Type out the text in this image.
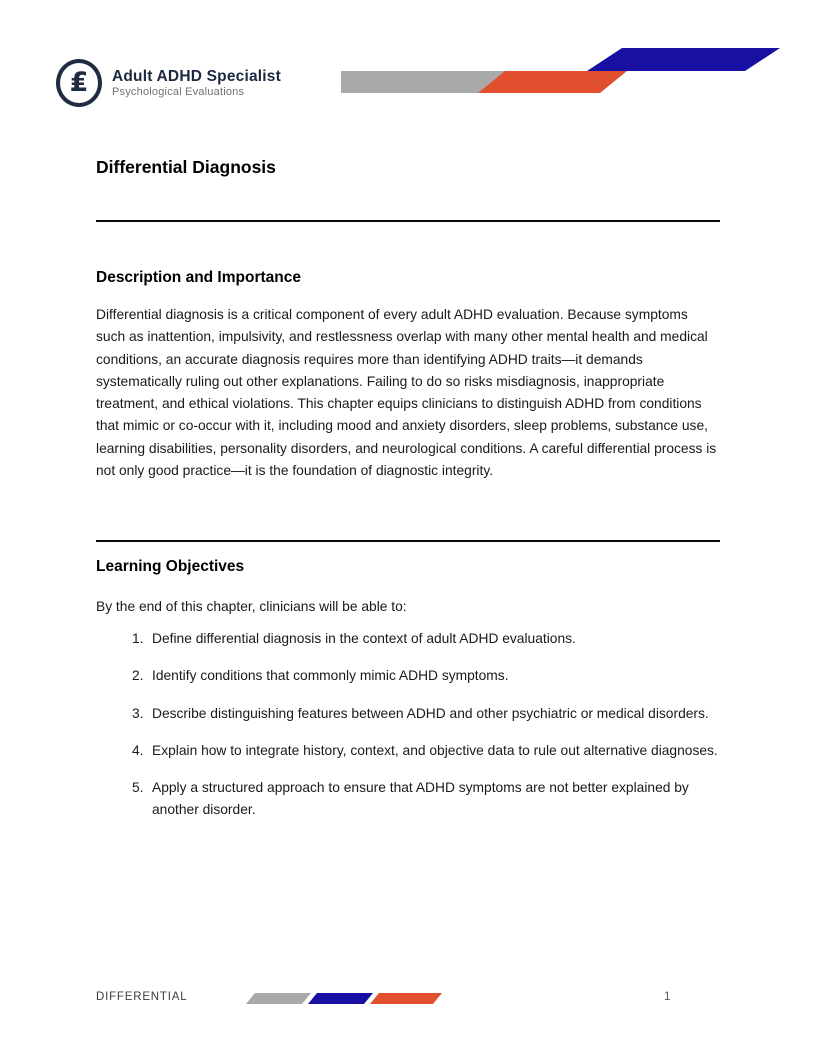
₤ Adult ADHD Specialist
Psychological Evaluations
Differential Diagnosis
Description and Importance
Differential diagnosis is a critical component of every adult ADHD evaluation. Because symptoms such as inattention, impulsivity, and restlessness overlap with many other mental health and medical conditions, an accurate diagnosis requires more than identifying ADHD traits—it demands systematically ruling out other explanations. Failing to do so risks misdiagnosis, inappropriate treatment, and ethical violations. This chapter equips clinicians to distinguish ADHD from conditions that mimic or co-occur with it, including mood and anxiety disorders, sleep problems, substance use, learning disabilities, personality disorders, and neurological conditions. A careful differential process is not only good practice—it is the foundation of diagnostic integrity.
Learning Objectives
By the end of this chapter, clinicians will be able to:
1. Define differential diagnosis in the context of adult ADHD evaluations.
2. Identify conditions that commonly mimic ADHD symptoms.
3. Describe distinguishing features between ADHD and other psychiatric or medical disorders.
4. Explain how to integrate history, context, and objective data to rule out alternative diagnoses.
5. Apply a structured approach to ensure that ADHD symptoms are not better explained by another disorder.
DIFFERENTIAL	1
